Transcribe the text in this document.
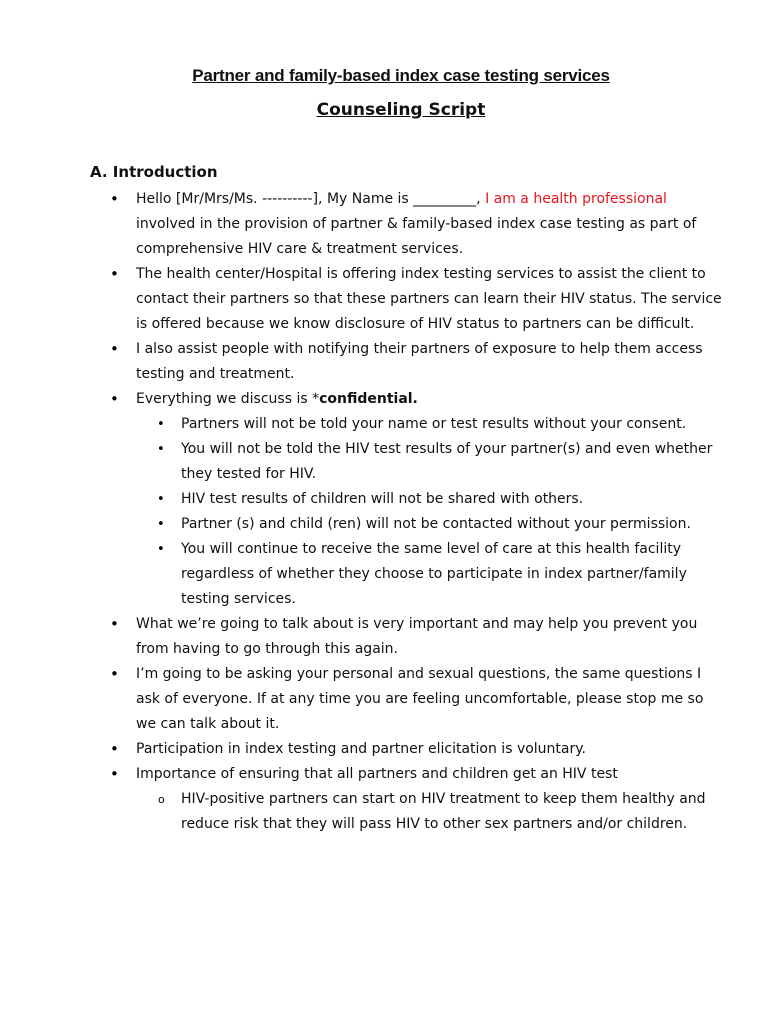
Partner and family-based index case testing services
Counseling Script
A. Introduction
• Hello [Mr/Mrs/Ms. ----------], My Name is _________, I am a health professional involved in the provision of partner & family-based index case testing as part of comprehensive HIV care & treatment services.
• The health center/Hospital is offering index testing services to assist the client to contact their partners so that these partners can learn their HIV status. The service is offered because we know disclosure of HIV status to partners can be difficult.
• I also assist people with notifying their partners of exposure to help them access testing and treatment.
• Everything we discuss is *confidential.
• Partners will not be told your name or test results without your consent.
• You will not be told the HIV test results of your partner(s) and even whether they tested for HIV.
• HIV test results of children will not be shared with others.
• Partner (s) and child (ren) will not be contacted without your permission.
• You will continue to receive the same level of care at this health facility regardless of whether they choose to participate in index partner/family testing services.
• What we’re going to talk about is very important and may help you prevent you from having to go through this again.
• I’m going to be asking your personal and sexual questions, the same questions I ask of everyone. If at any time you are feeling uncomfortable, please stop me so we can talk about it.
• Participation in index testing and partner elicitation is voluntary.
• Importance of ensuring that all partners and children get an HIV test
o HIV-positive partners can start on HIV treatment to keep them healthy and reduce risk that they will pass HIV to other sex partners and/or children.
